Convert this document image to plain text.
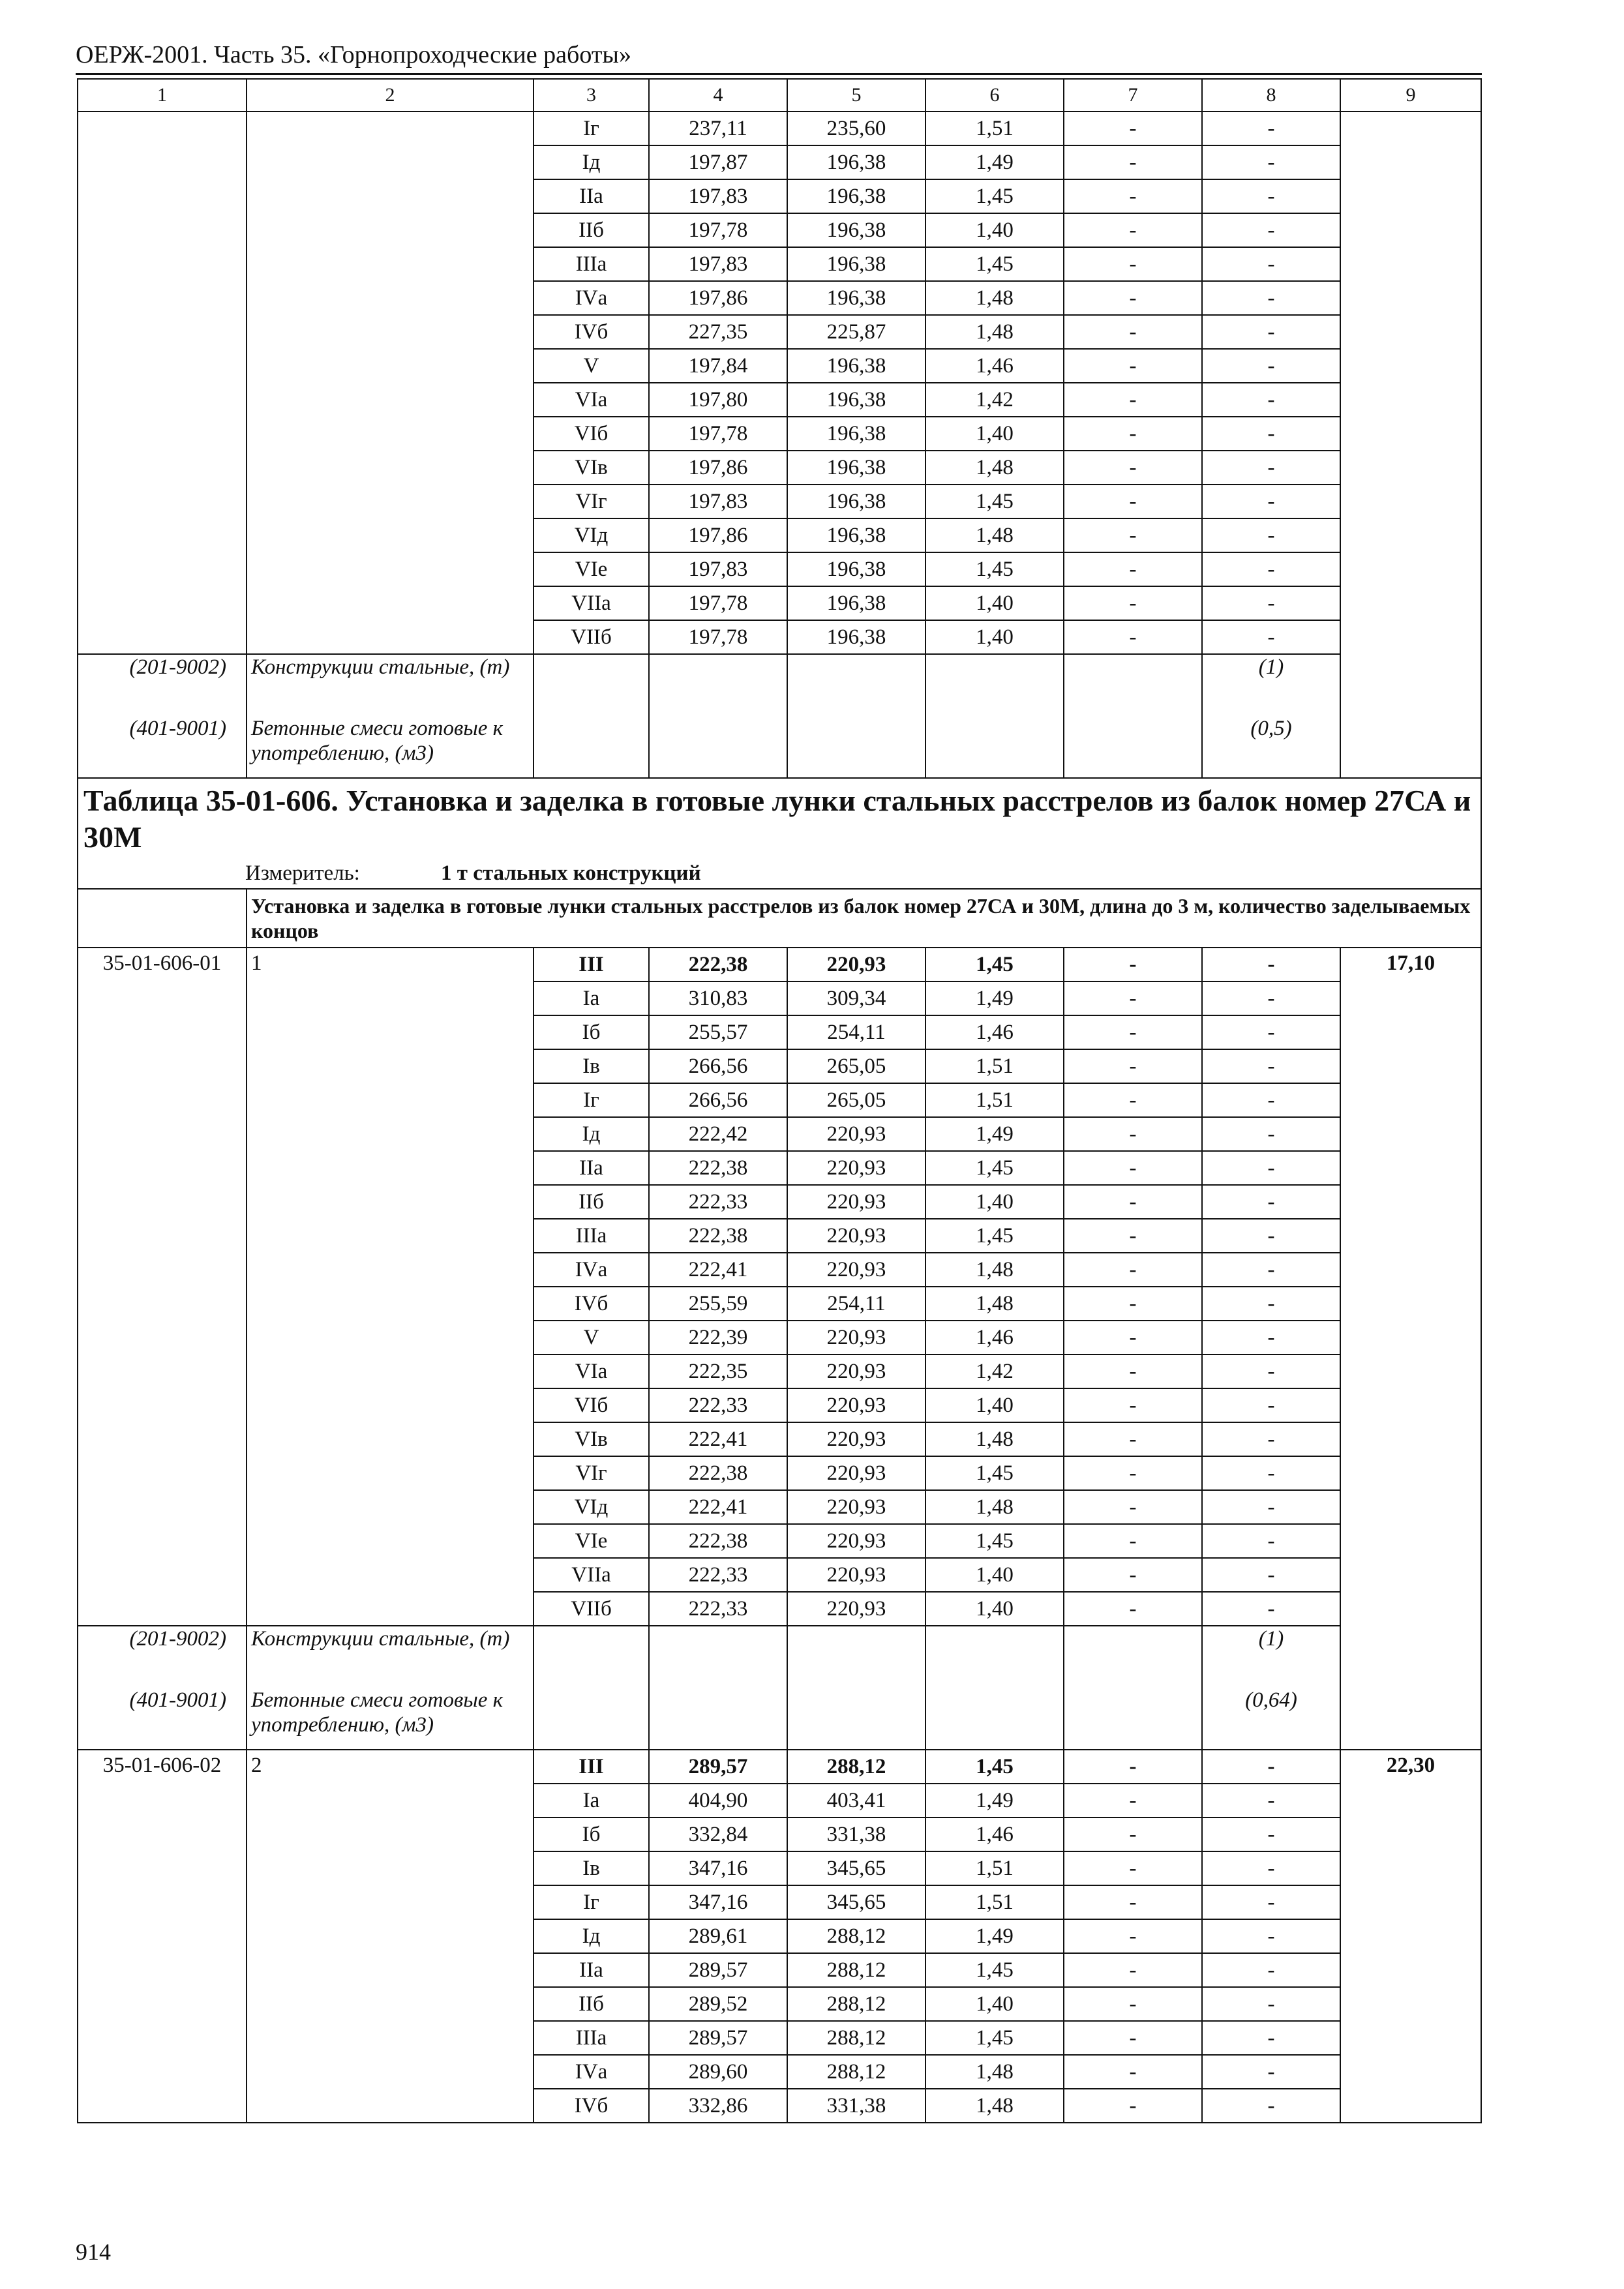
ОЕРЖ-2001. Часть 35. «Горнопроходческие работы»
1	2	3	4	5	6	7	8	9
		Iг	237,11	235,60	1,51	-	-	
		Iд	197,87	196,38	1,49	-	-	
		IIа	197,83	196,38	1,45	-	-	
		IIб	197,78	196,38	1,40	-	-	
		IIIа	197,83	196,38	1,45	-	-	
		IVа	197,86	196,38	1,48	-	-	
		IVб	227,35	225,87	1,48	-	-	
		V	197,84	196,38	1,46	-	-	
		VIа	197,80	196,38	1,42	-	-	
		VIб	197,78	196,38	1,40	-	-	
		VIв	197,86	196,38	1,48	-	-	
		VIг	197,83	196,38	1,45	-	-	
		VIд	197,86	196,38	1,48	-	-	
		VIе	197,83	196,38	1,45	-	-	
		VIIа	197,78	196,38	1,40	-	-	
		VIIб	197,78	196,38	1,40	-	-	
(201-9002)	Конструкции стальные, (т)						(1)	
(401-9001)	Бетонные смеси готовые к употреблению, (м3)						(0,5)	
Таблица 35-01-606. Установка и заделка в готовые лунки стальных расстрелов из балок номер 27СА и 30М								
Измеритель: 1 т стальных конструкций								
	Установка и заделка в готовые лунки стальных расстрелов из балок номер 27СА и 30М, длина до 3 м, количество заделываемых концов							
35-01-606-01	1	III	222,38	220,93	1,45	-	-	17,10
		Iа	310,83	309,34	1,49	-	-	
		Iб	255,57	254,11	1,46	-	-	
		Iв	266,56	265,05	1,51	-	-	
		Iг	266,56	265,05	1,51	-	-	
		Iд	222,42	220,93	1,49	-	-	
		IIа	222,38	220,93	1,45	-	-	
		IIб	222,33	220,93	1,40	-	-	
		IIIа	222,38	220,93	1,45	-	-	
		IVа	222,41	220,93	1,48	-	-	
		IVб	255,59	254,11	1,48	-	-	
		V	222,39	220,93	1,46	-	-	
		VIа	222,35	220,93	1,42	-	-	
		VIб	222,33	220,93	1,40	-	-	
		VIв	222,41	220,93	1,48	-	-	
		VIг	222,38	220,93	1,45	-	-	
		VIд	222,41	220,93	1,48	-	-	
		VIе	222,38	220,93	1,45	-	-	
		VIIа	222,33	220,93	1,40	-	-	
		VIIб	222,33	220,93	1,40	-	-	
(201-9002)	Конструкции стальные, (т)						(1)	
(401-9001)	Бетонные смеси готовые к употреблению, (м3)						(0,64)	
35-01-606-02	2	III	289,57	288,12	1,45	-	-	22,30
		Iа	404,90	403,41	1,49	-	-	
		Iб	332,84	331,38	1,46	-	-	
		Iв	347,16	345,65	1,51	-	-	
		Iг	347,16	345,65	1,51	-	-	
		Iд	289,61	288,12	1,49	-	-	
		IIа	289,57	288,12	1,45	-	-	
		IIб	289,52	288,12	1,40	-	-	
		IIIа	289,57	288,12	1,45	-	-	
		IVа	289,60	288,12	1,48	-	-	
		IVб	332,86	331,38	1,48	-	-	
914
